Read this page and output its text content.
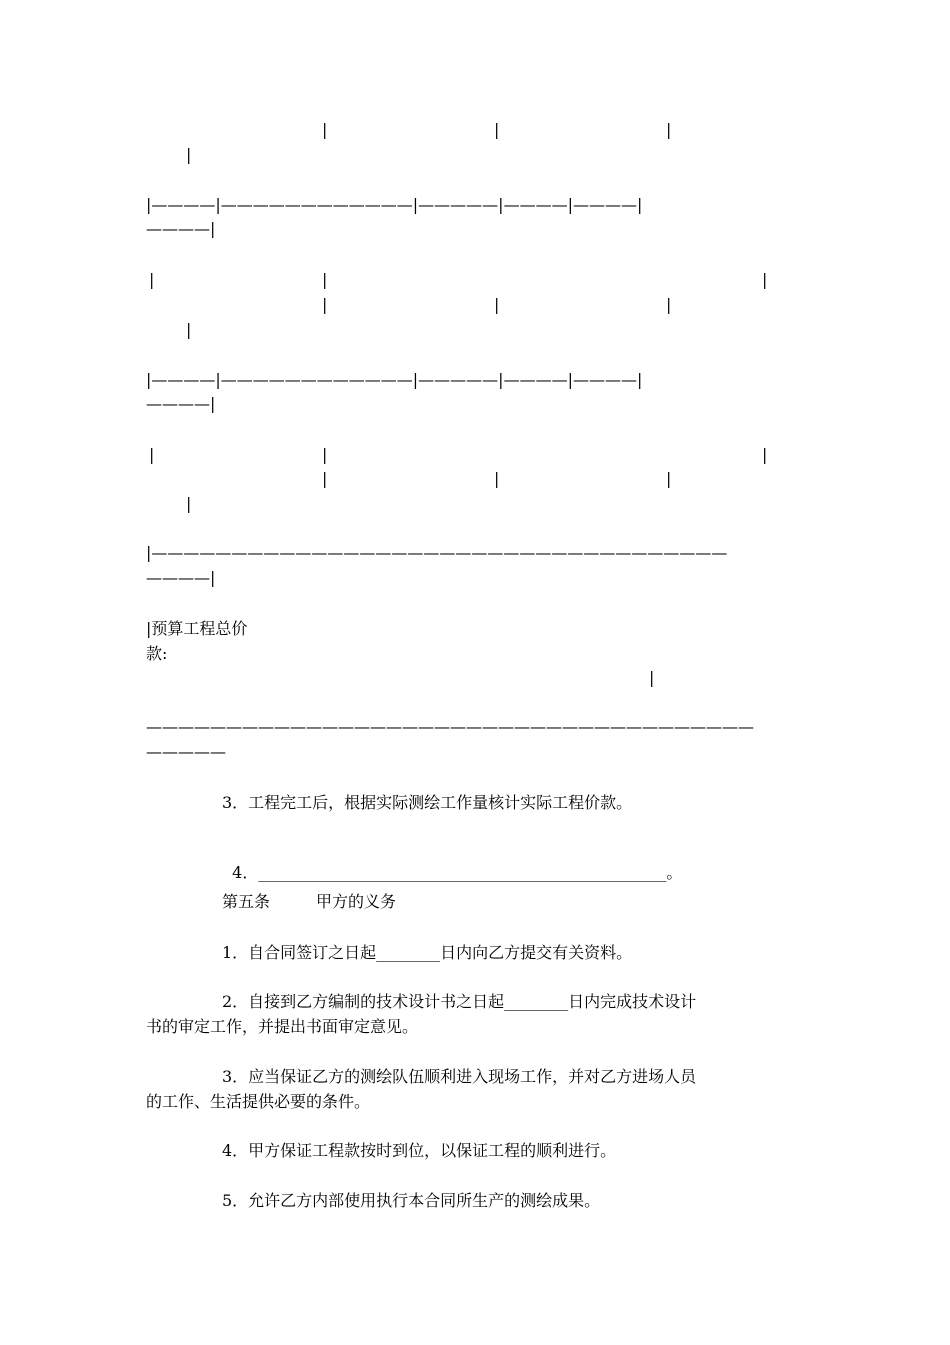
|	|	|
|
|————|————————————|—————|————|————|
————|
|	|	|
|	|	|
|
|————|————————————|—————|————|————|
————|
|	|	|
|	|	|
|
|————————————————————————————————————
————|
|预算工程总价
款:
|
——————————————————————————————————————
—————
3．工程完工后，根据实际测绘工作量核计实际工程价款。

4．___________________________________________________。

第五条	甲方的义务
1．自合同签订之日起________日内向乙方提交有关资料。
2．自接到乙方编制的技术设计书之日起________日内完成技术设计
书的审定工作，并提出书面审定意见。
3．应当保证乙方的测绘队伍顺利进入现场工作，并对乙方进场人员
的工作、生活提供必要的条件。
4．甲方保证工程款按时到位，以保证工程的顺利进行。
5．允许乙方内部使用执行本合同所生产的测绘成果。
